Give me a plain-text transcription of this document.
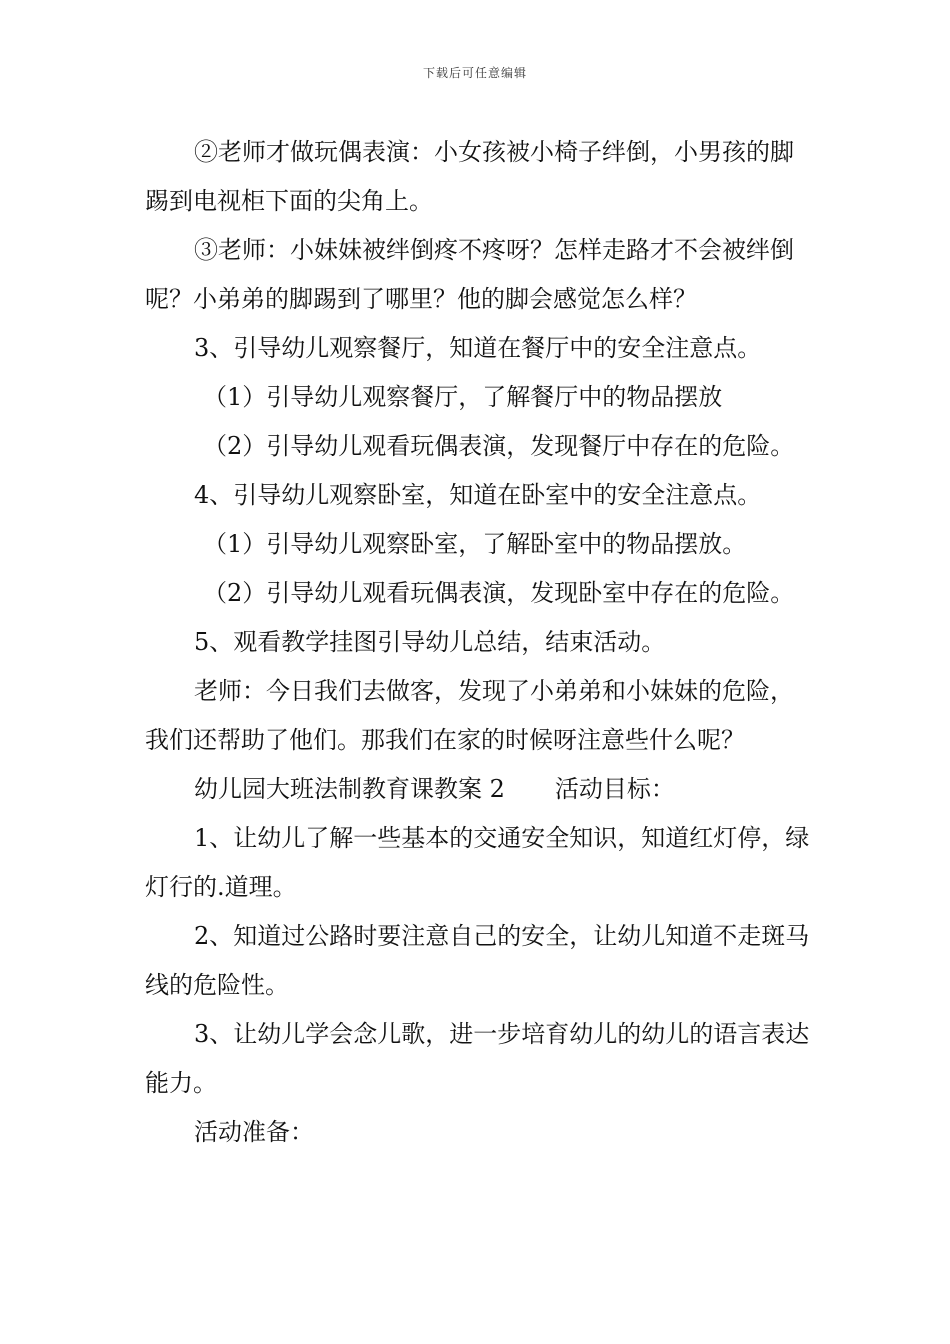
下载后可任意编辑

②老师才做玩偶表演：小女孩被小椅子绊倒，小男孩的脚踢到电视柜下面的尖角上。

③老师：小妹妹被绊倒疼不疼呀？怎样走路才不会被绊倒呢？小弟弟的脚踢到了哪里？他的脚会感觉怎么样？

3、引导幼儿观察餐厅，知道在餐厅中的安全注意点。

（1）引导幼儿观察餐厅，了解餐厅中的物品摆放

（2）引导幼儿观看玩偶表演，发现餐厅中存在的危险。

4、引导幼儿观察卧室，知道在卧室中的安全注意点。

（1）引导幼儿观察卧室，了解卧室中的物品摆放。

（2）引导幼儿观看玩偶表演，发现卧室中存在的危险。

5、观看教学挂图引导幼儿总结，结束活动。

老师：今日我们去做客，发现了小弟弟和小妹妹的危险，我们还帮助了他们。那我们在家的时候呀注意些什么呢？

幼儿园大班法制教育课教案 2 活动目标：

1、让幼儿了解一些基本的交通安全知识，知道红灯停，绿灯行的.道理。

2、知道过公路时要注意自己的安全，让幼儿知道不走斑马线的危险性。

3、让幼儿学会念儿歌，进一步培育幼儿的幼儿的语言表达能力。

活动准备：
